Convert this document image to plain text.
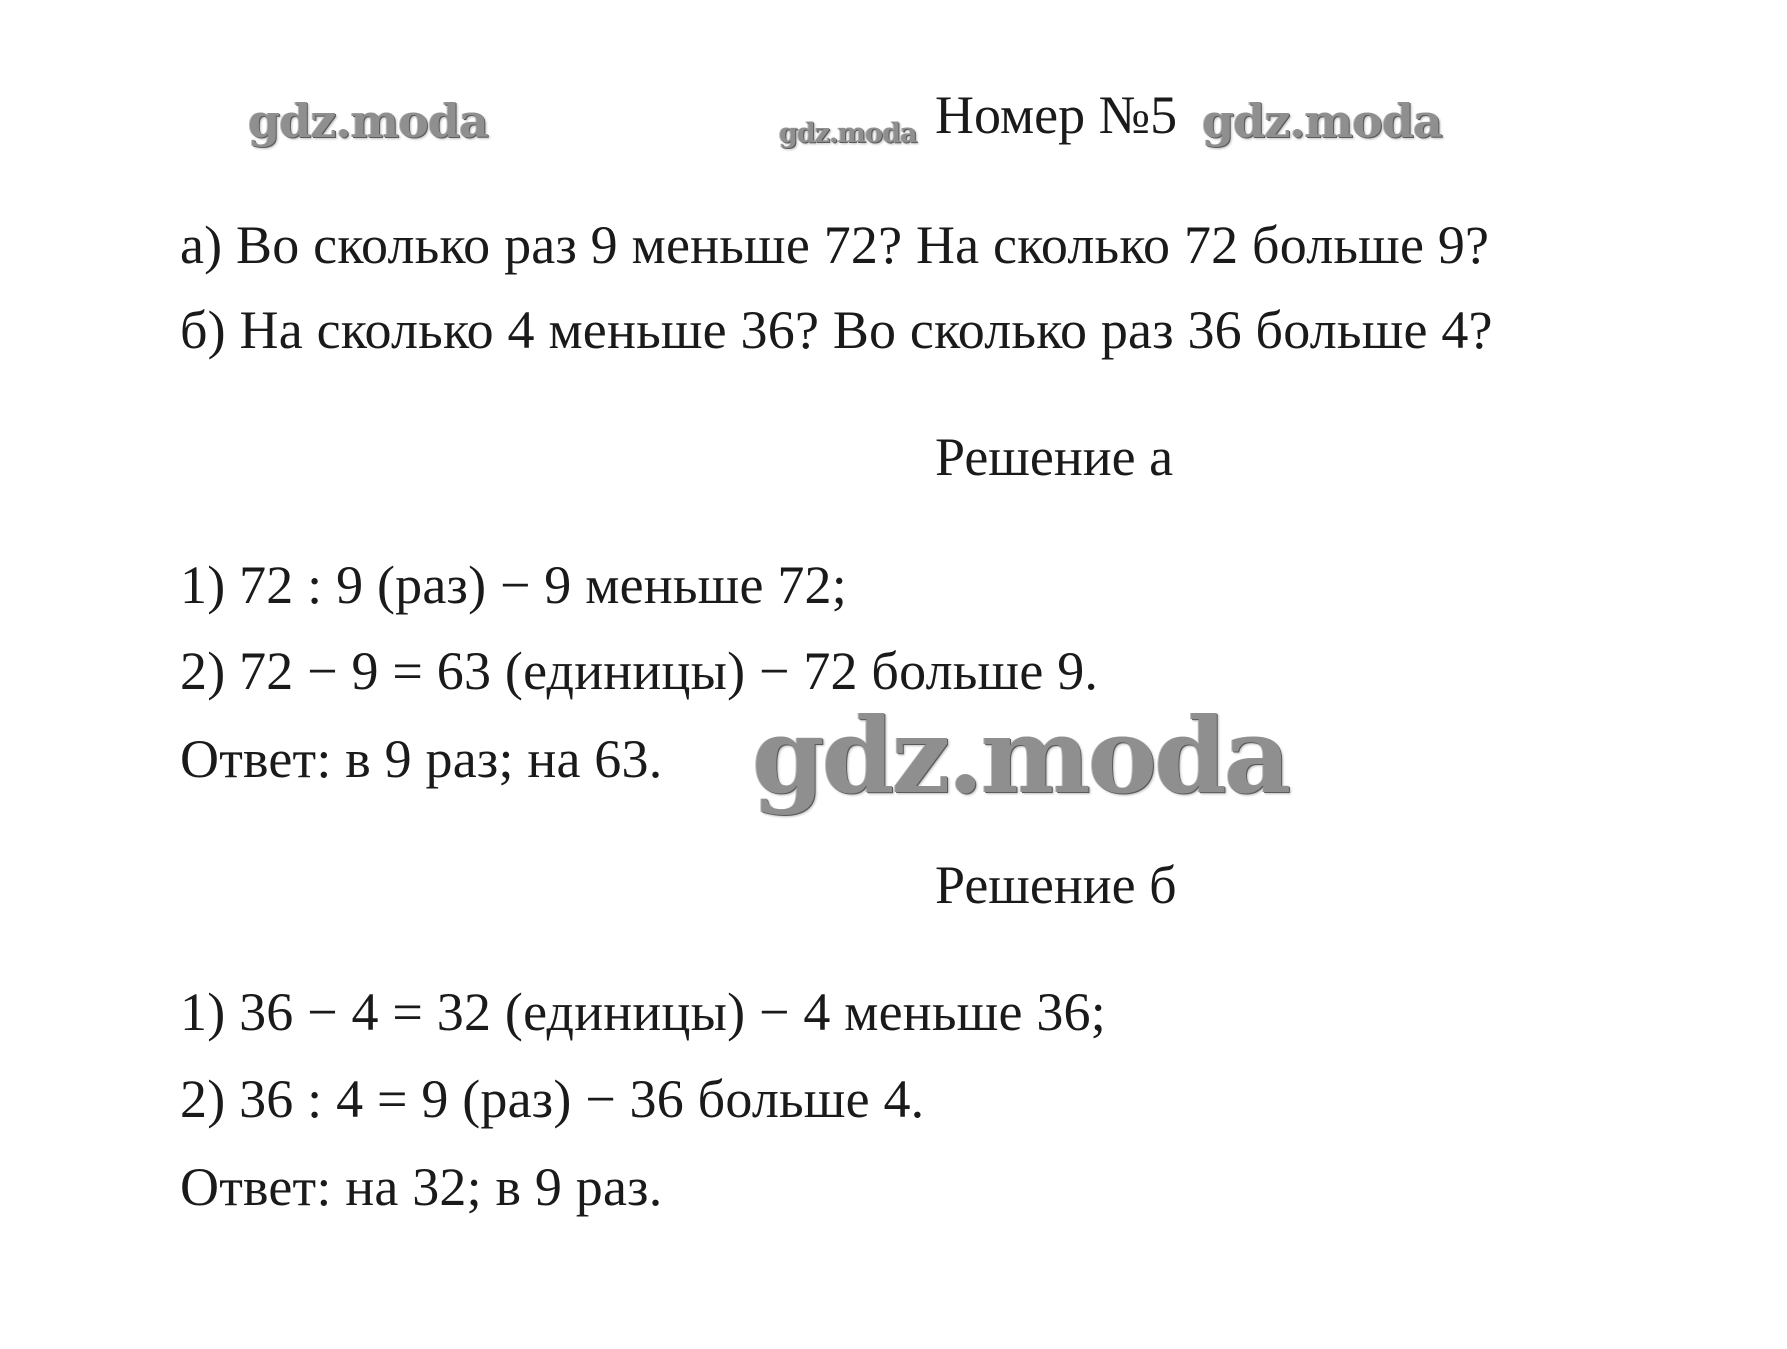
gdz.moda	gdz.moda	gdz.moda
gdz.moda
Номер №5
а) Во сколько раз 9 меньше 72? На сколько 72 больше 9?
б) На сколько 4 меньше 36? Во сколько раз 36 больше 4?
Решение а
1) 72 : 9 (раз) − 9 меньше 72;
2) 72 − 9 = 63 (единицы) − 72 больше 9.
Ответ: в 9 раз; на 63.
Решение б
1) 36 − 4 = 32 (единицы) − 4 меньше 36;
2) 36 : 4 = 9 (раз) − 36 больше 4.
Ответ: на 32; в 9 раз.
